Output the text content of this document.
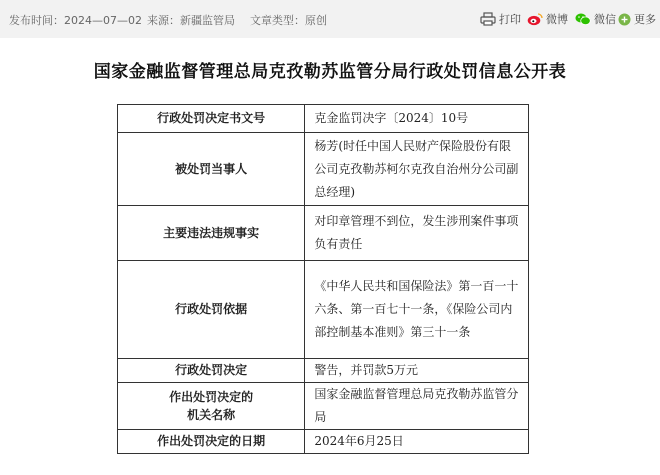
发布时间：2024—07—02 来源：新疆监管局 文章类型：原创	打印 微博 微信 更多
国家金融监督管理总局克孜勒苏监管分局行政处罚信息公开表
行政处罚决定书文号	克金监罚决字〔2024〕10号
被处罚当事人	杨芳(时任中国人民财产保险股份有限公司克孜勒苏柯尔克孜自治州分公司副总经理)
主要违法违规事实	对印章管理不到位，发生涉刑案件事项负有责任
行政处罚依据	《中华人民共和国保险法》第一百一十六条、第一百七十一条，《保险公司内部控制基本准则》第三十一条
行政处罚决定	警告，并罚款5万元

作出处罚决定的
机关名称	国家金融监督管理总局克孜勒苏监管分局
作出处罚决定的日期	2024年6月25日
